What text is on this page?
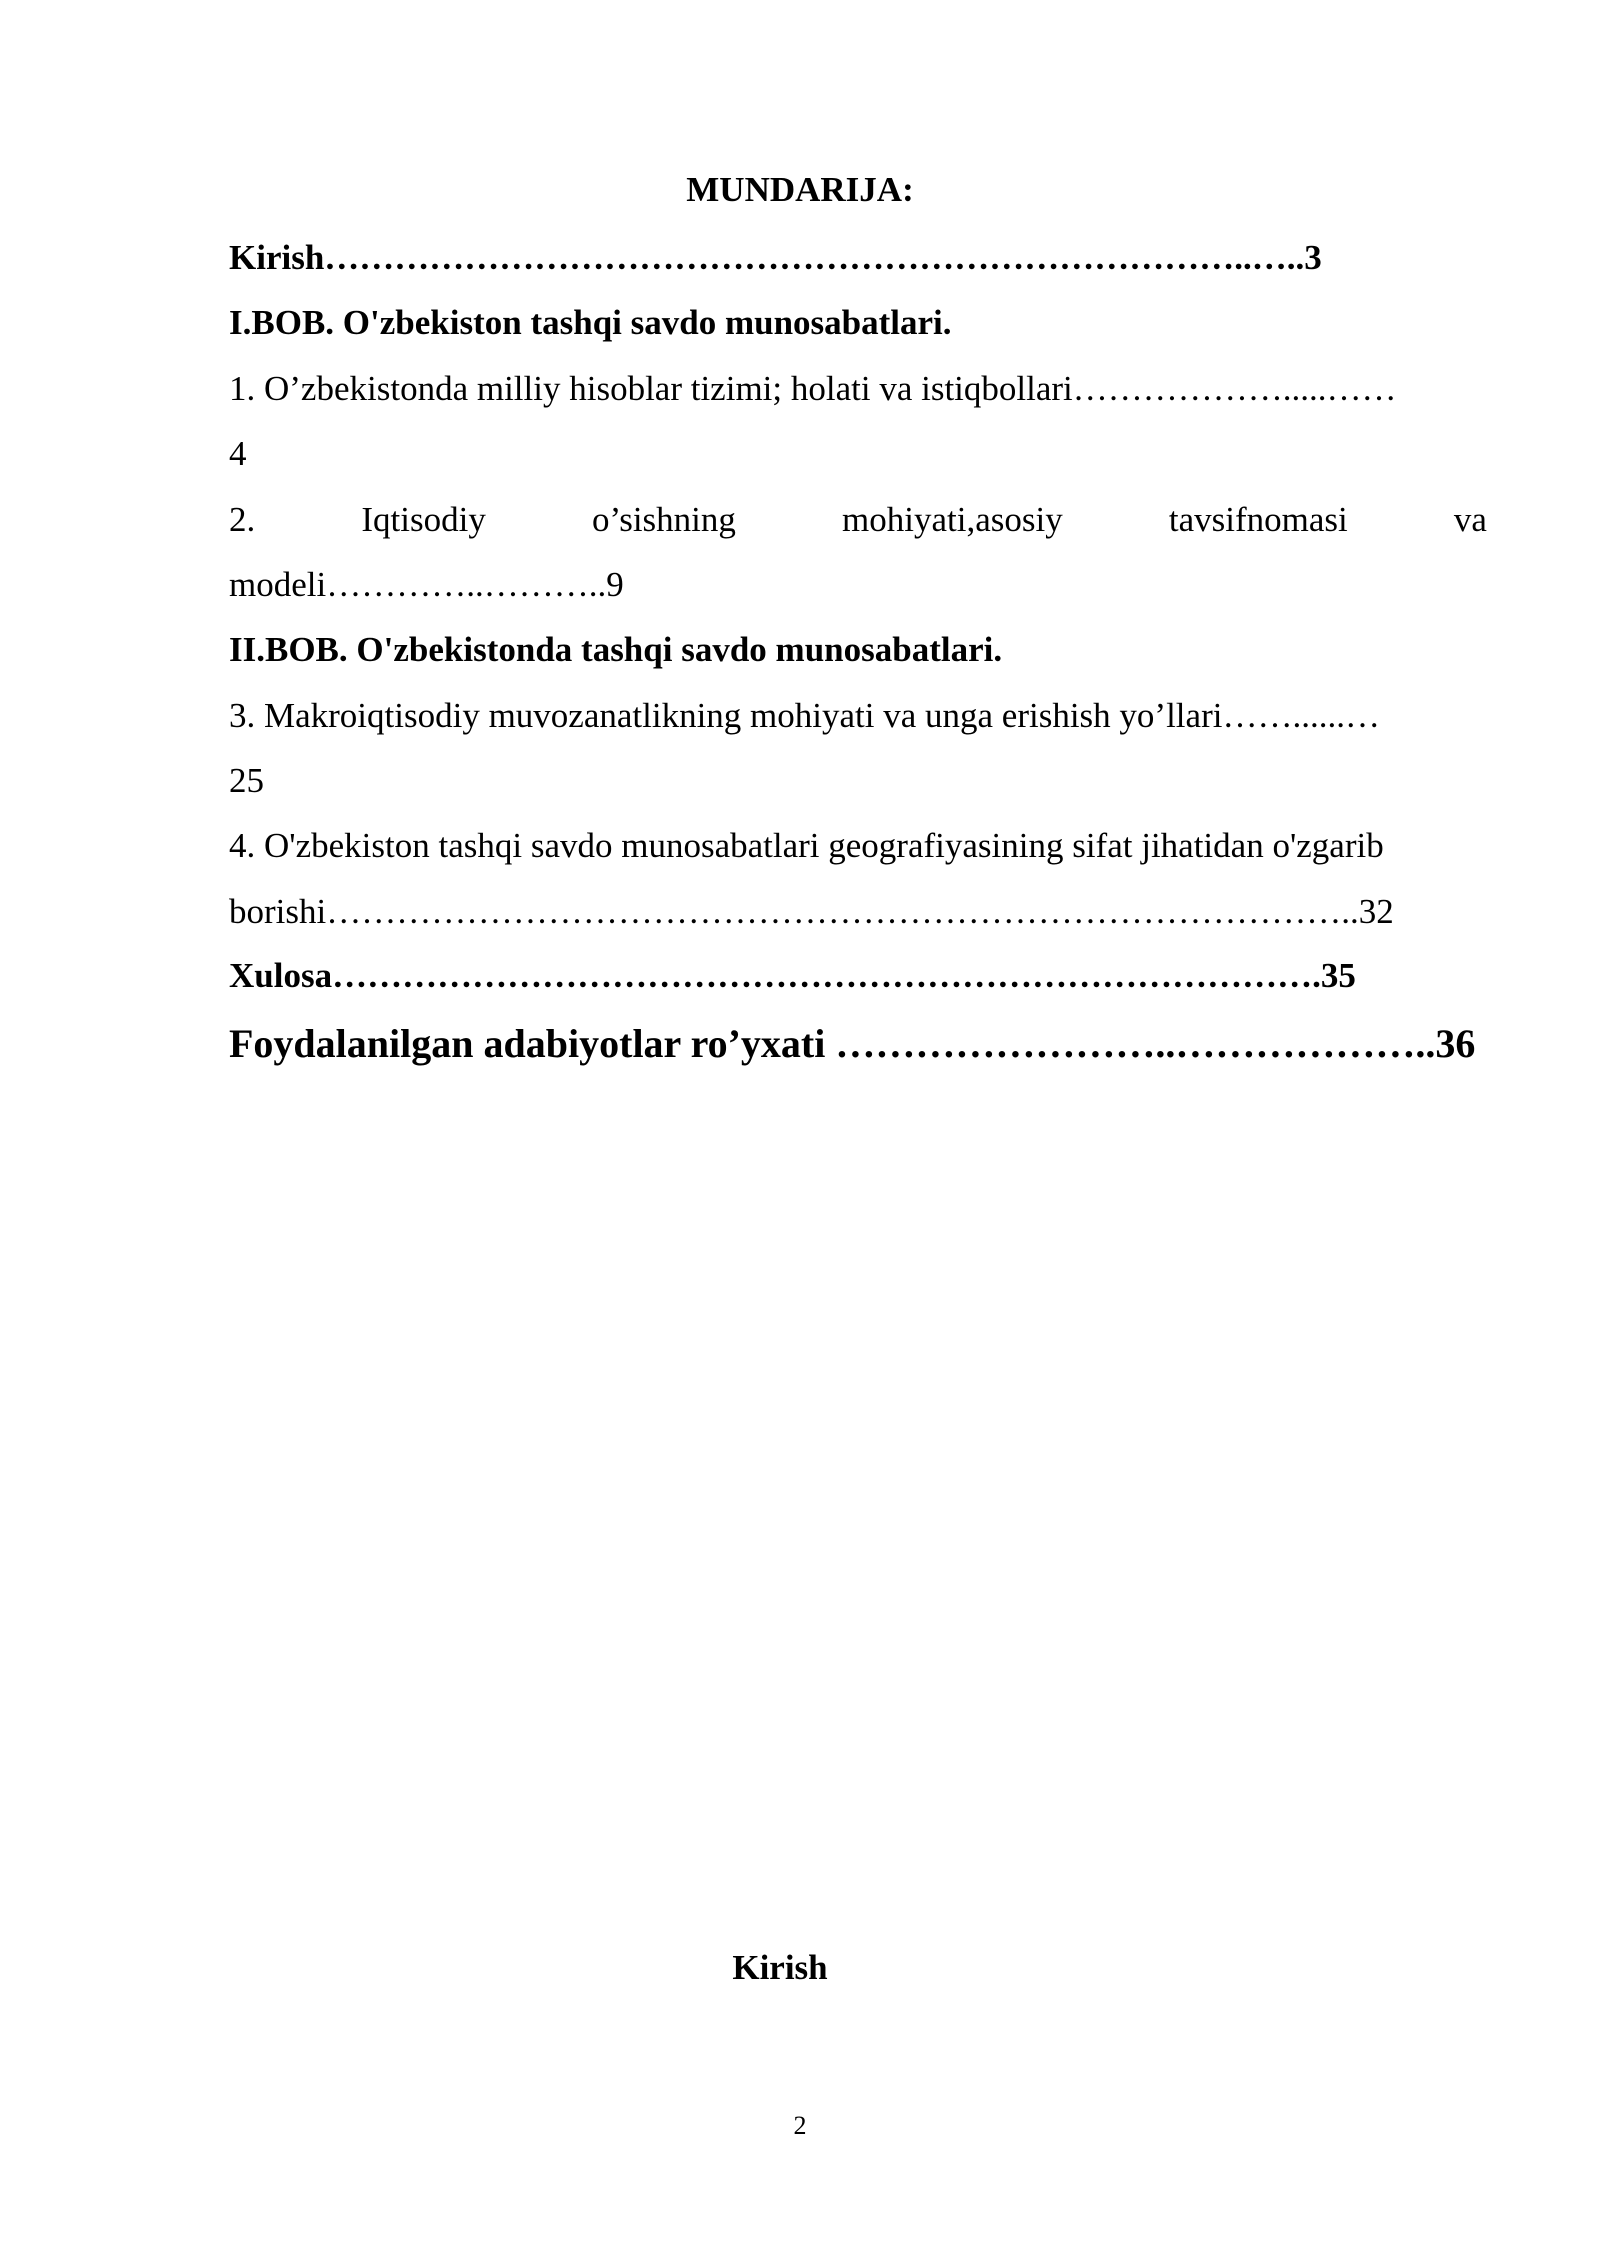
MUNDARIJA:
Kirish……………………………………………………………………..…..3
I.BOB. O'zbekiston tashqi savdo munosabatlari.
1. O’zbekistonda milliy hisoblar tizimi; holati va istiqbollari……………….....……
4
2.	Iqtisodiy	o’sishning	mohiyati,asosiy	tavsifnomasi	va
modeli…………..………..9
II.BOB. O'zbekistonda tashqi savdo munosabatlari.
3. Makroiqtisodiy muvozanatlikning mohiyati va unga erishish yo’llari……......…
25
4. O'zbekiston tashqi savdo munosabatlari geografiyasining sifat jihatidan o'zgarib
borishi……………………………………………………………………………..32
Xulosa………………………………………………………………………….35
Foydalanilgan adabiyotlar ro’yxati ……………………..………………..36
Kirish
2
